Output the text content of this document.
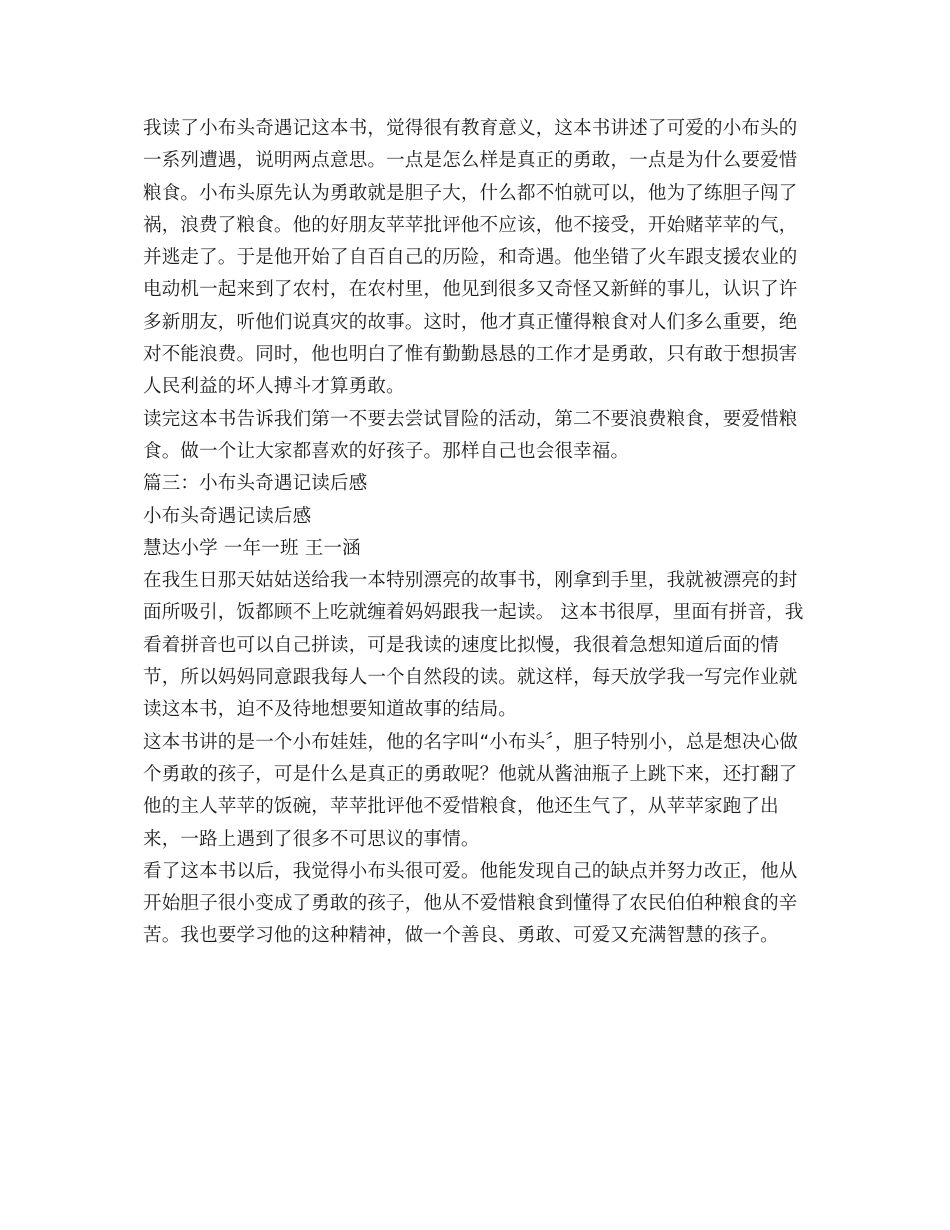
我读了小布头奇遇记这本书，觉得很有教育意义，这本书讲述了可爱的小布头的
一系列遭遇，说明两点意思。一点是怎么样是真正的勇敢，一点是为什么要爱惜
粮食。小布头原先认为勇敢就是胆子大，什么都不怕就可以，他为了练胆子闯了
祸，浪费了粮食。他的好朋友苹苹批评他不应该，他不接受，开始赌苹苹的气，
并逃走了。于是他开始了自百自己的历险，和奇遇。他坐错了火车跟支援农业的
电动机一起来到了农村，在农村里，他见到很多又奇怪又新鲜的事儿，认识了许
多新朋友，听他们说真灾的故事。这时，他才真正懂得粮食对人们多么重要，绝
对不能浪费。同时，他也明白了惟有勤勤恳恳的工作才是勇敢，只有敢于想损害
人民利益的坏人搏斗才算勇敢。
读完这本书告诉我们第一不要去尝试冒险的活动，第二不要浪费粮食，要爱惜粮
食。做一个让大家都喜欢的好孩子。那样自己也会很幸福。
篇三：小布头奇遇记读后感
小布头奇遇记读后感
慧达小学 一年一班 王一涵
在我生日那天姑姑送给我一本特别漂亮的故事书，刚拿到手里，我就被漂亮的封
面所吸引，饭都顾不上吃就缠着妈妈跟我一起读。 这本书很厚，里面有拼音，我
看着拼音也可以自己拼读，可是我读的速度比拟慢，我很着急想知道后面的情
节，所以妈妈同意跟我每人一个自然段的读。就这样，每天放学我一写完作业就
读这本书，迫不及待地想要知道故事的结局。
这本书讲的是一个小布娃娃，他的名字叫“小布头〞，胆子特别小，总是想决心做
个勇敢的孩子，可是什么是真正的勇敢呢？他就从酱油瓶子上跳下来，还打翻了
他的主人苹苹的饭碗，苹苹批评他不爱惜粮食，他还生气了，从苹苹家跑了出
来，一路上遇到了很多不可思议的事情。
看了这本书以后，我觉得小布头很可爱。他能发现自己的缺点并努力改正，他从
开始胆子很小变成了勇敢的孩子，他从不爱惜粮食到懂得了农民伯伯种粮食的辛
苦。我也要学习他的这种精神，做一个善良、勇敢、可爱又充满智慧的孩子。
